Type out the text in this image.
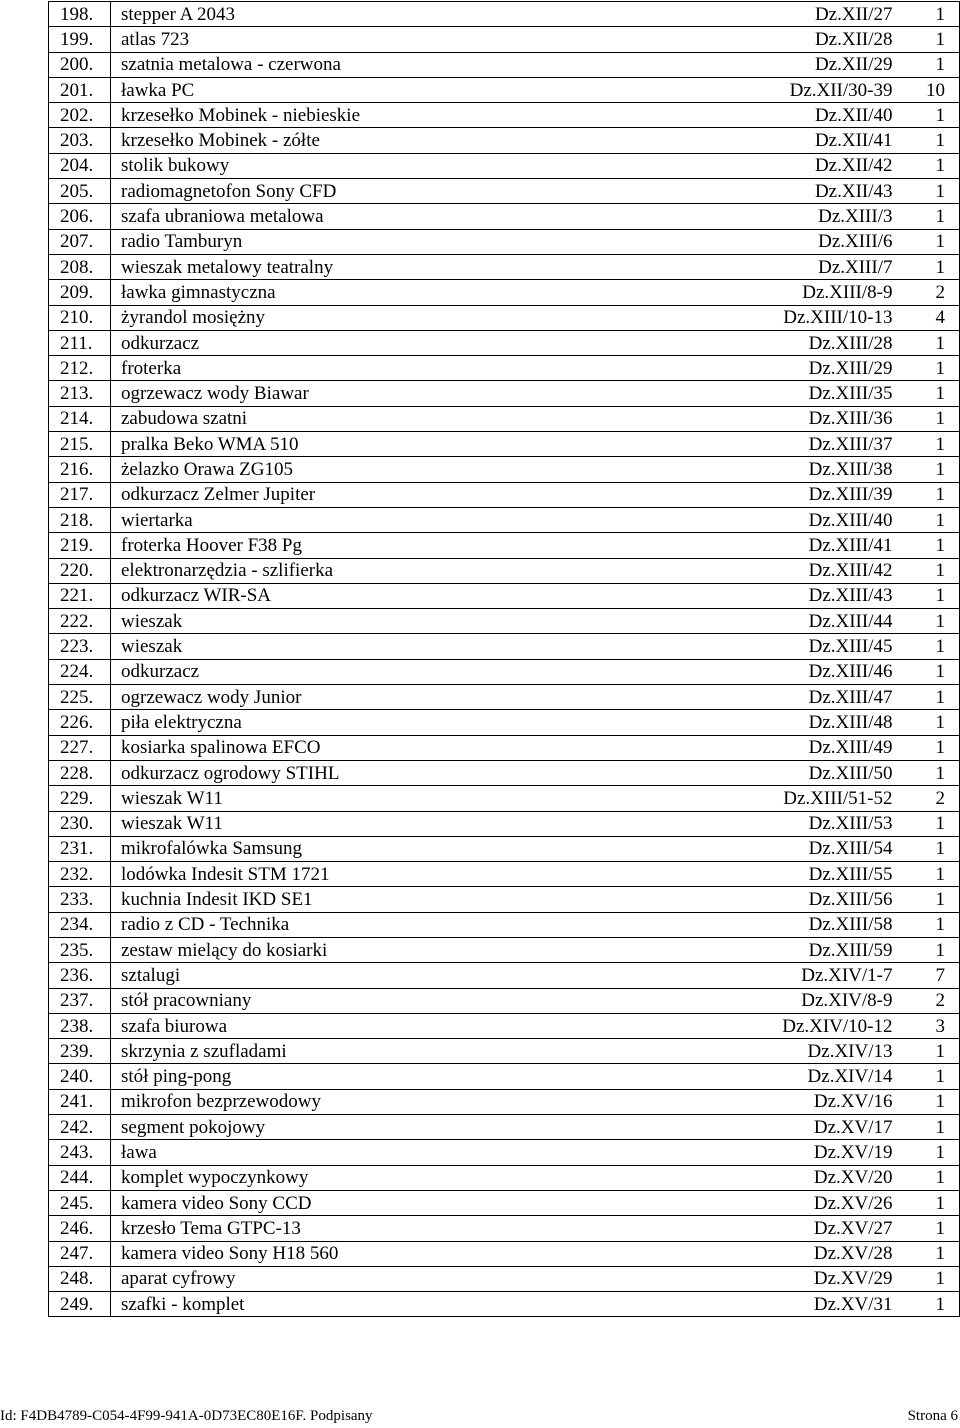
198.	stepper A 2043	Dz.XII/27	1
199.	atlas 723	Dz.XII/28	1
200.	szatnia metalowa - czerwona	Dz.XII/29	1
201.	ławka PC	Dz.XII/30-39	10
202.	krzesełko Mobinek - niebieskie	Dz.XII/40	1
203.	krzesełko Mobinek - zółte	Dz.XII/41	1
204.	stolik bukowy	Dz.XII/42	1
205.	radiomagnetofon Sony CFD	Dz.XII/43	1
206.	szafa ubraniowa metalowa	Dz.XIII/3	1
207.	radio Tamburyn	Dz.XIII/6	1
208.	wieszak metalowy teatralny	Dz.XIII/7	1
209.	ławka gimnastyczna	Dz.XIII/8-9	2
210.	żyrandol mosiężny	Dz.XIII/10-13	4
211.	odkurzacz	Dz.XIII/28	1
212.	froterka	Dz.XIII/29	1
213.	ogrzewacz wody Biawar	Dz.XIII/35	1
214.	zabudowa szatni	Dz.XIII/36	1
215.	pralka Beko WMA 510	Dz.XIII/37	1
216.	żelazko Orawa ZG105	Dz.XIII/38	1
217.	odkurzacz Zelmer Jupiter	Dz.XIII/39	1
218.	wiertarka	Dz.XIII/40	1
219.	froterka Hoover F38 Pg	Dz.XIII/41	1
220.	elektronarzędzia - szlifierka	Dz.XIII/42	1
221.	odkurzacz WIR-SA	Dz.XIII/43	1
222.	wieszak	Dz.XIII/44	1
223.	wieszak	Dz.XIII/45	1
224.	odkurzacz	Dz.XIII/46	1
225.	ogrzewacz wody Junior	Dz.XIII/47	1
226.	piła elektryczna	Dz.XIII/48	1
227.	kosiarka spalinowa EFCO	Dz.XIII/49	1
228.	odkurzacz ogrodowy STIHL	Dz.XIII/50	1
229.	wieszak W11	Dz.XIII/51-52	2
230.	wieszak W11	Dz.XIII/53	1
231.	mikrofalówka Samsung	Dz.XIII/54	1
232.	lodówka Indesit STM 1721	Dz.XIII/55	1
233.	kuchnia Indesit IKD SE1	Dz.XIII/56	1
234.	radio z CD - Technika	Dz.XIII/58	1
235.	zestaw mielący do kosiarki	Dz.XIII/59	1
236.	sztalugi	Dz.XIV/1-7	7
237.	stół pracowniany	Dz.XIV/8-9	2
238.	szafa biurowa	Dz.XIV/10-12	3
239.	skrzynia z szufladami	Dz.XIV/13	1
240.	stół ping-pong	Dz.XIV/14	1
241.	mikrofon bezprzewodowy	Dz.XV/16	1
242.	segment pokojowy	Dz.XV/17	1
243.	ława	Dz.XV/19	1
244.	komplet wypoczynkowy	Dz.XV/20	1
245.	kamera video Sony CCD	Dz.XV/26	1
246.	krzesło Tema GTPC-13	Dz.XV/27	1
247.	kamera video Sony H18 560	Dz.XV/28	1
248.	aparat cyfrowy	Dz.XV/29	1
249.	szafki - komplet	Dz.XV/31	1
Id: F4DB4789-C054-4F99-941A-0D73EC80E16F. Podpisany	Strona 6
